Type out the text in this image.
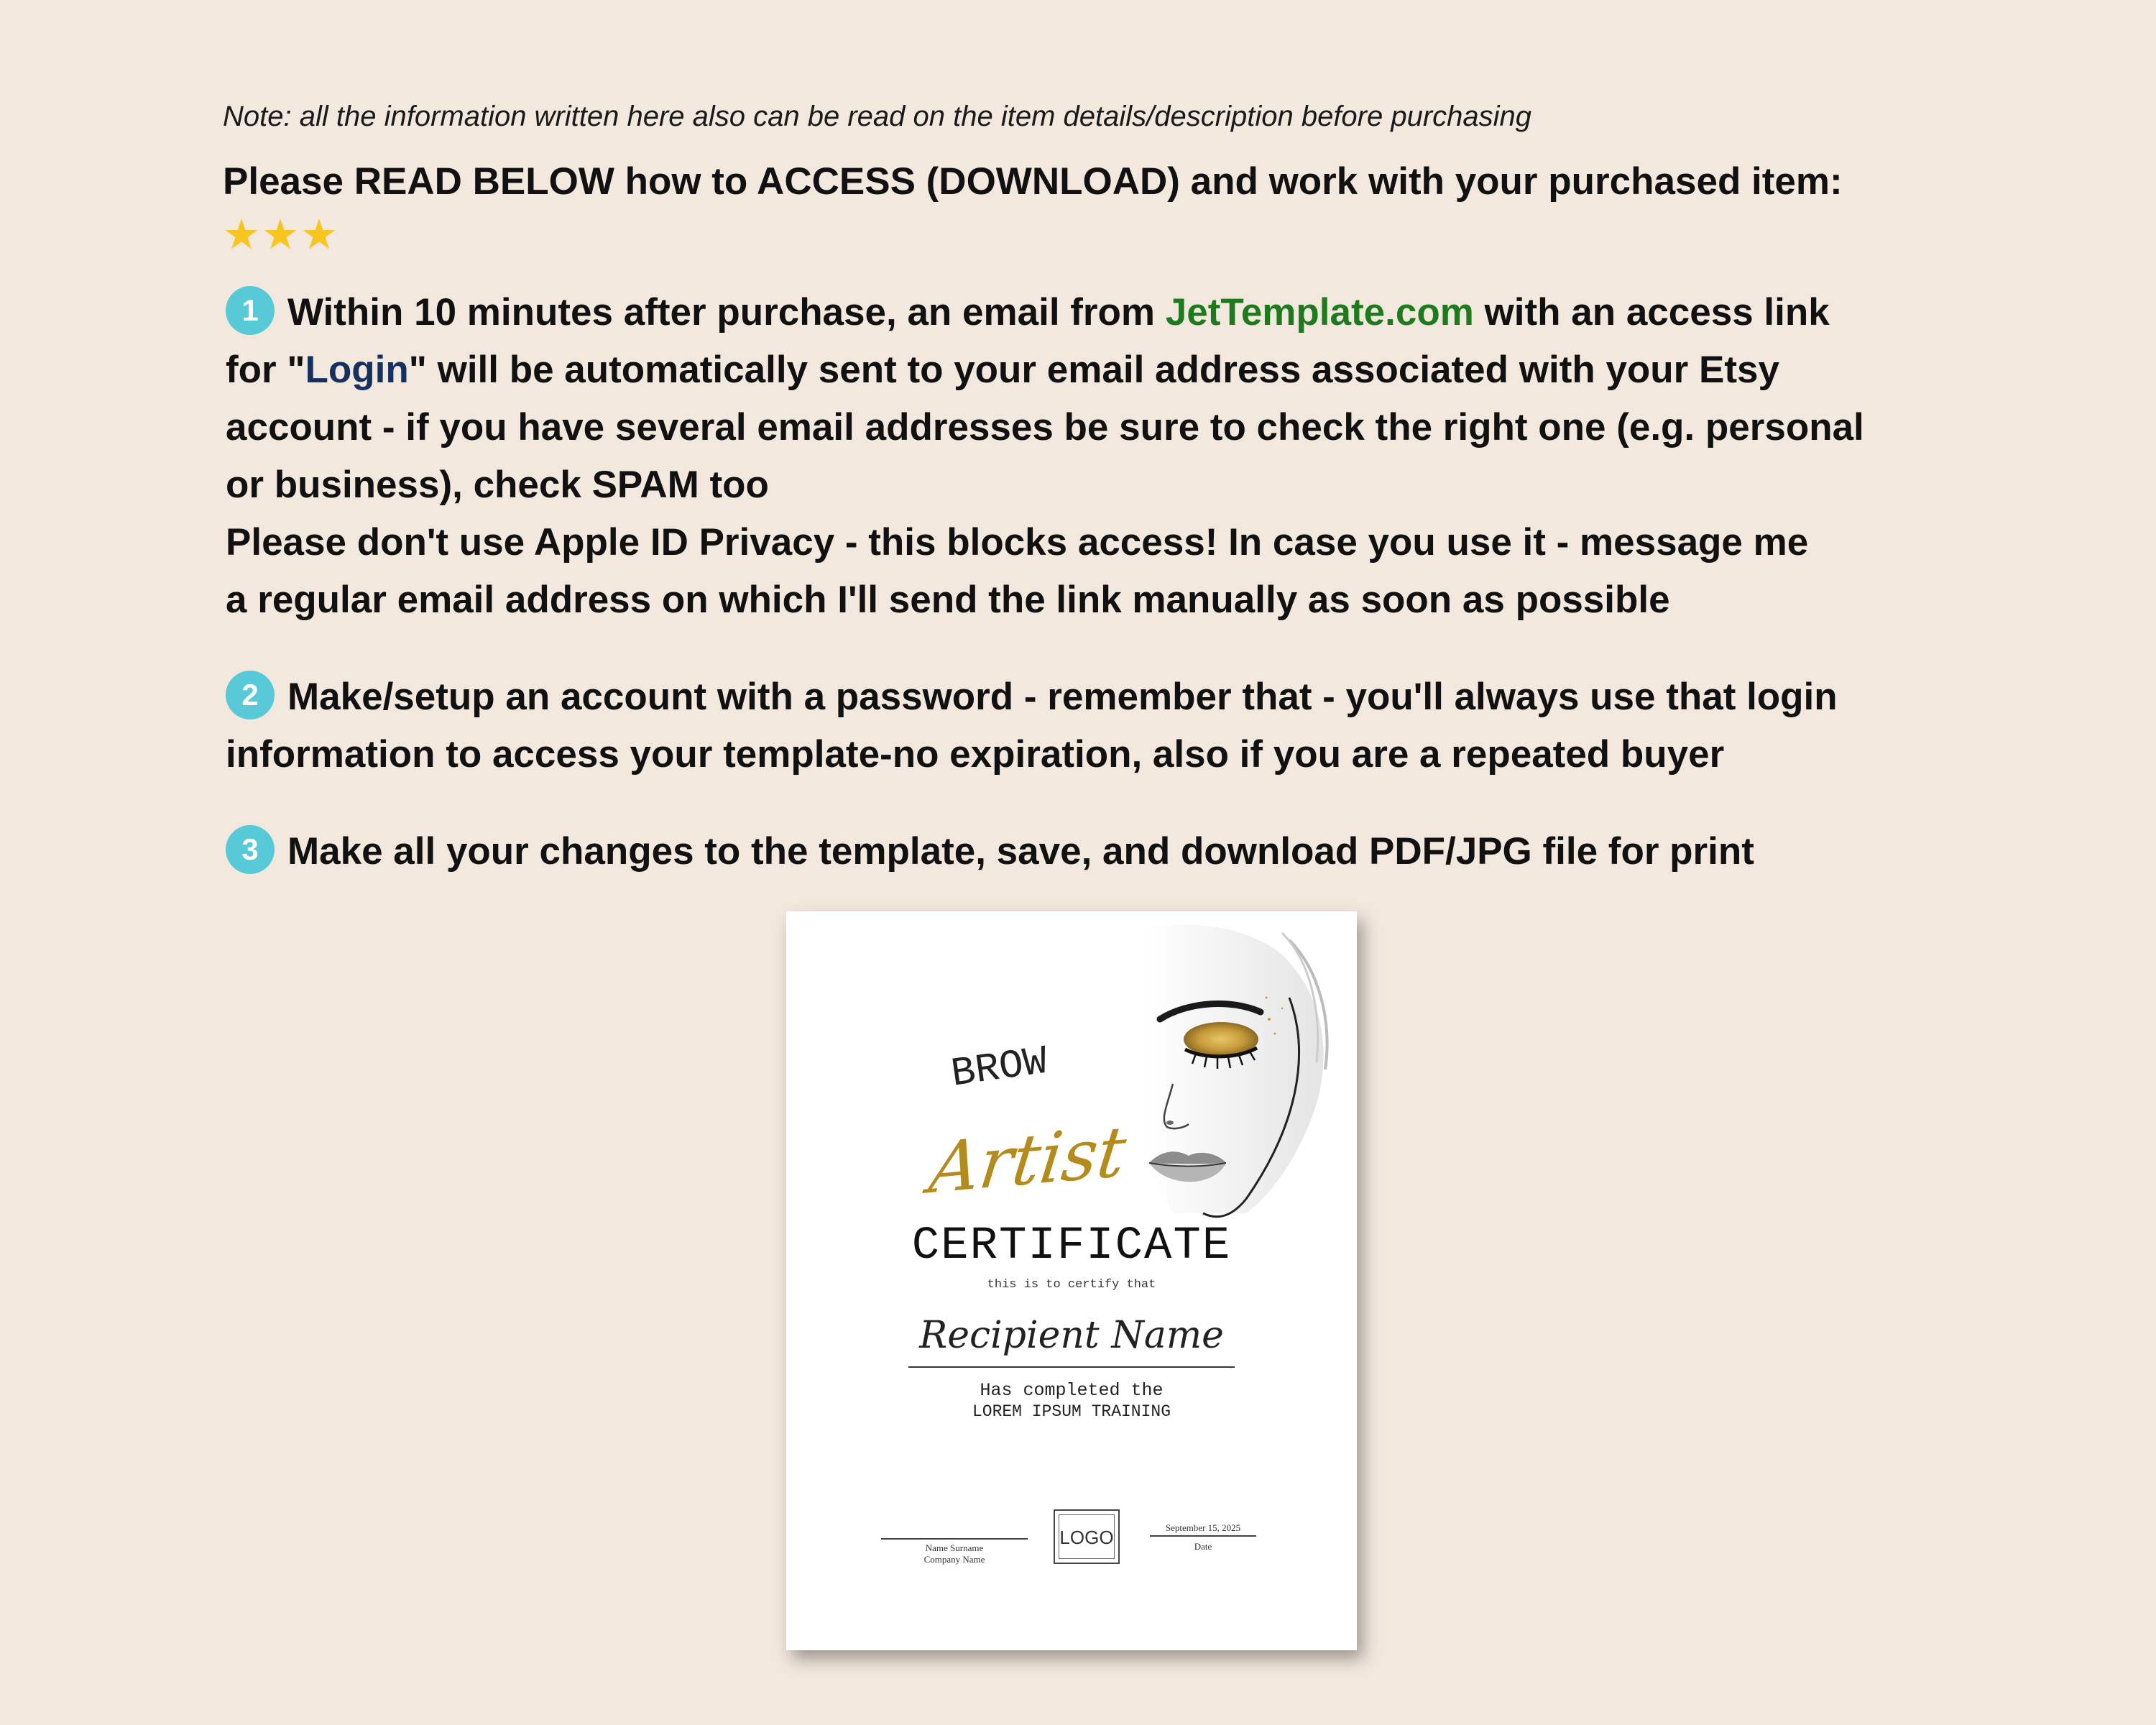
Note: all the information written here also can be read on the item details/description before purchasing
Please READ BELOW how to ACCESS (DOWNLOAD) and work with your purchased item:
★★★
1 Within 10 minutes after purchase, an email from JetTemplate.com with an access link
for "Login" will be automatically sent to your email address associated with your Etsy
account - if you have several email addresses be sure to check the right one (e.g. personal
or business), check SPAM too
Please don't use Apple ID Privacy - this blocks access! In case you use it - message me
a regular email address on which I'll send the link manually as soon as possible
2 Make/setup an account with a password - remember that - you'll always use that login
information to access your template-no expiration, also if you are a repeated buyer
3 Make all your changes to the template, save, and download PDF/JPG file for print
BROW
Artist
CERTIFICATE
this is to certify that
Recipient Name
Has completed the
LOREM IPSUM TRAINING
Name Surname
Company Name
LOGO	September 15, 2025
Date
